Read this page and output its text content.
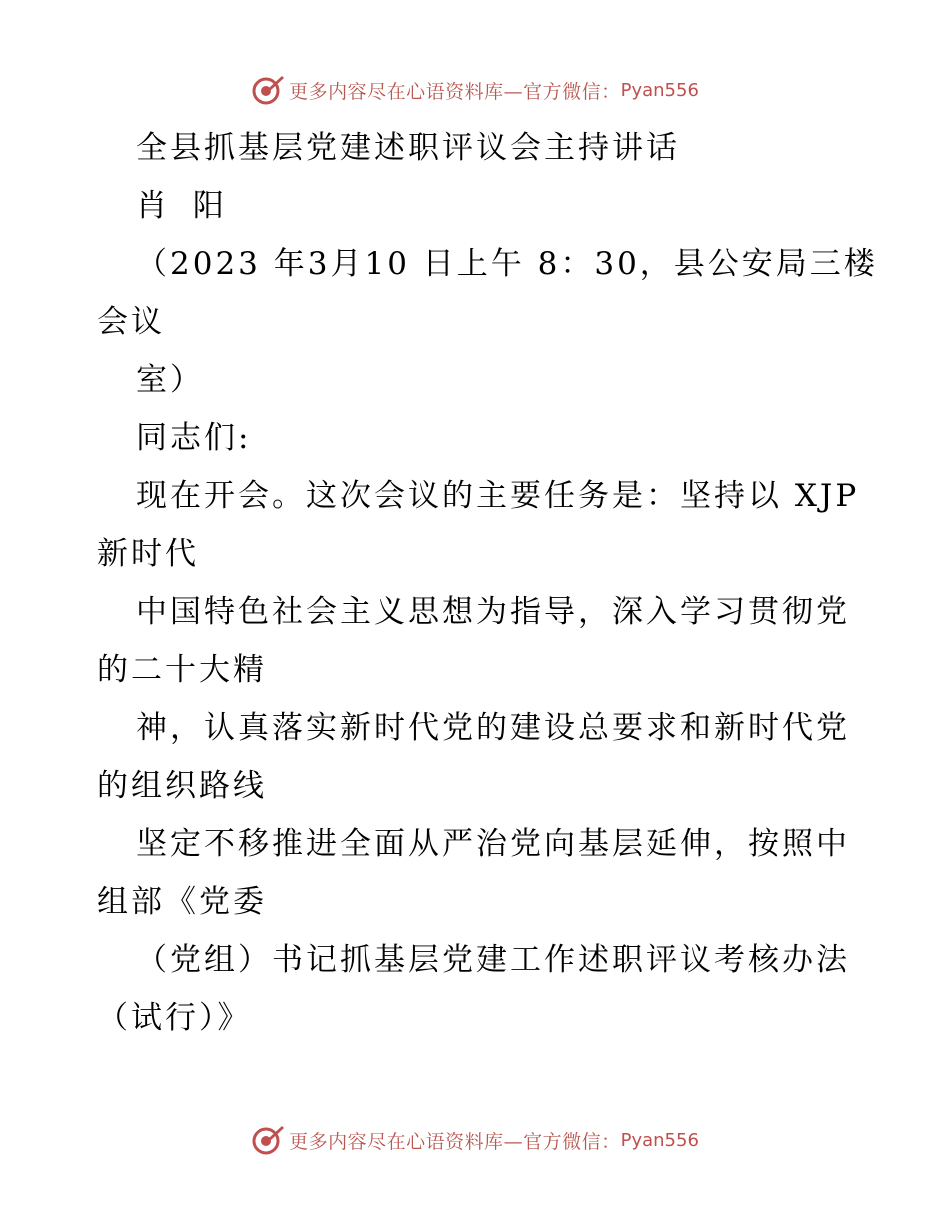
更多内容尽在心语资料库—官方微信： Pyan556
全县抓基层党建述职评议会主持讲话
肖 阳
（2023 年3月10 日上午 8：30，县公安局三楼
会议
室）
同志们:
现在开会。这次会议的主要任务是：坚持以 XJP
新时代
中国特色社会主义思想为指导，深入学习贯彻党
的二十大精
神，认真落实新时代党的建设总要求和新时代党
的组织路线
坚定不移推进全面从严治党向基层延伸，按照中
组部《党委
（党组）书记抓基层党建工作述职评议考核办法
（试行）》
更多内容尽在心语资料库—官方微信： Pyan556
